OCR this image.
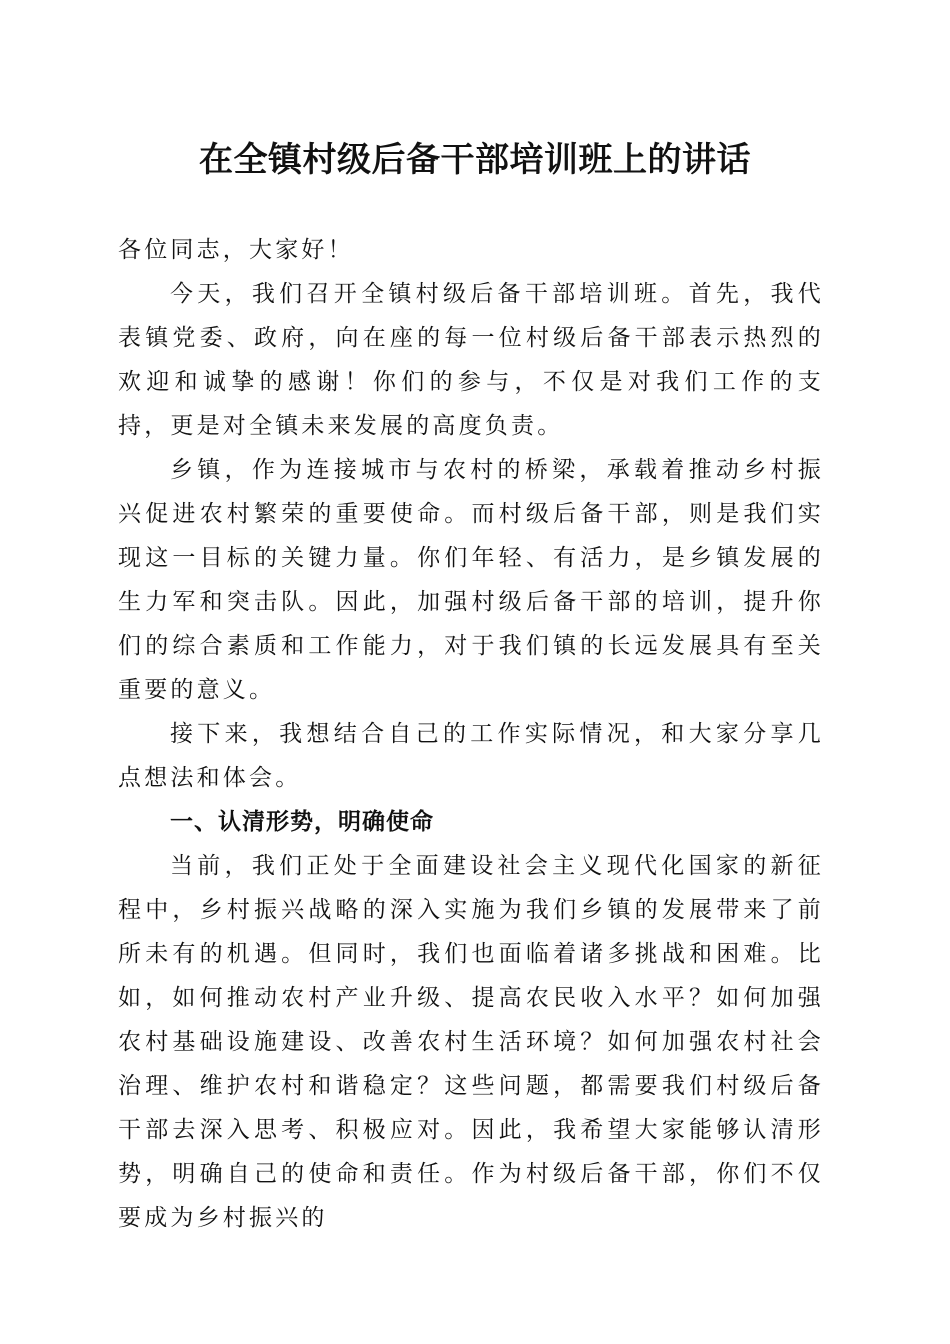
在全镇村级后备干部培训班上的讲话

各位同志，大家好！

今天，我们召开全镇村级后备干部培训班。首先，我代表镇党委、政府，向在座的每一位村级后备干部表示热烈的欢迎和诚挚的感谢！你们的参与，不仅是对我们工作的支持，更是对全镇未来发展的高度负责。

乡镇，作为连接城市与农村的桥梁，承载着推动乡村振兴促进农村繁荣的重要使命。而村级后备干部，则是我们实现这一目标的关键力量。你们年轻、有活力，是乡镇发展的生力军和突击队。因此，加强村级后备干部的培训，提升你们的综合素质和工作能力，对于我们镇的长远发展具有至关重要的意义。

接下来，我想结合自己的工作实际情况，和大家分享几点想法和体会。

一、认清形势，明确使命

当前，我们正处于全面建设社会主义现代化国家的新征程中，乡村振兴战略的深入实施为我们乡镇的发展带来了前所未有的机遇。但同时，我们也面临着诸多挑战和困难。比如，如何推动农村产业升级、提高农民收入水平？如何加强农村基础设施建设、改善农村生活环境？如何加强农村社会治理、维护农村和谐稳定？这些问题，都需要我们村级后备干部去深入思考、积极应对。因此，我希望大家能够认清形势，明确自己的使命和责任。作为村级后备干部，你们不仅要成为乡村振兴的
